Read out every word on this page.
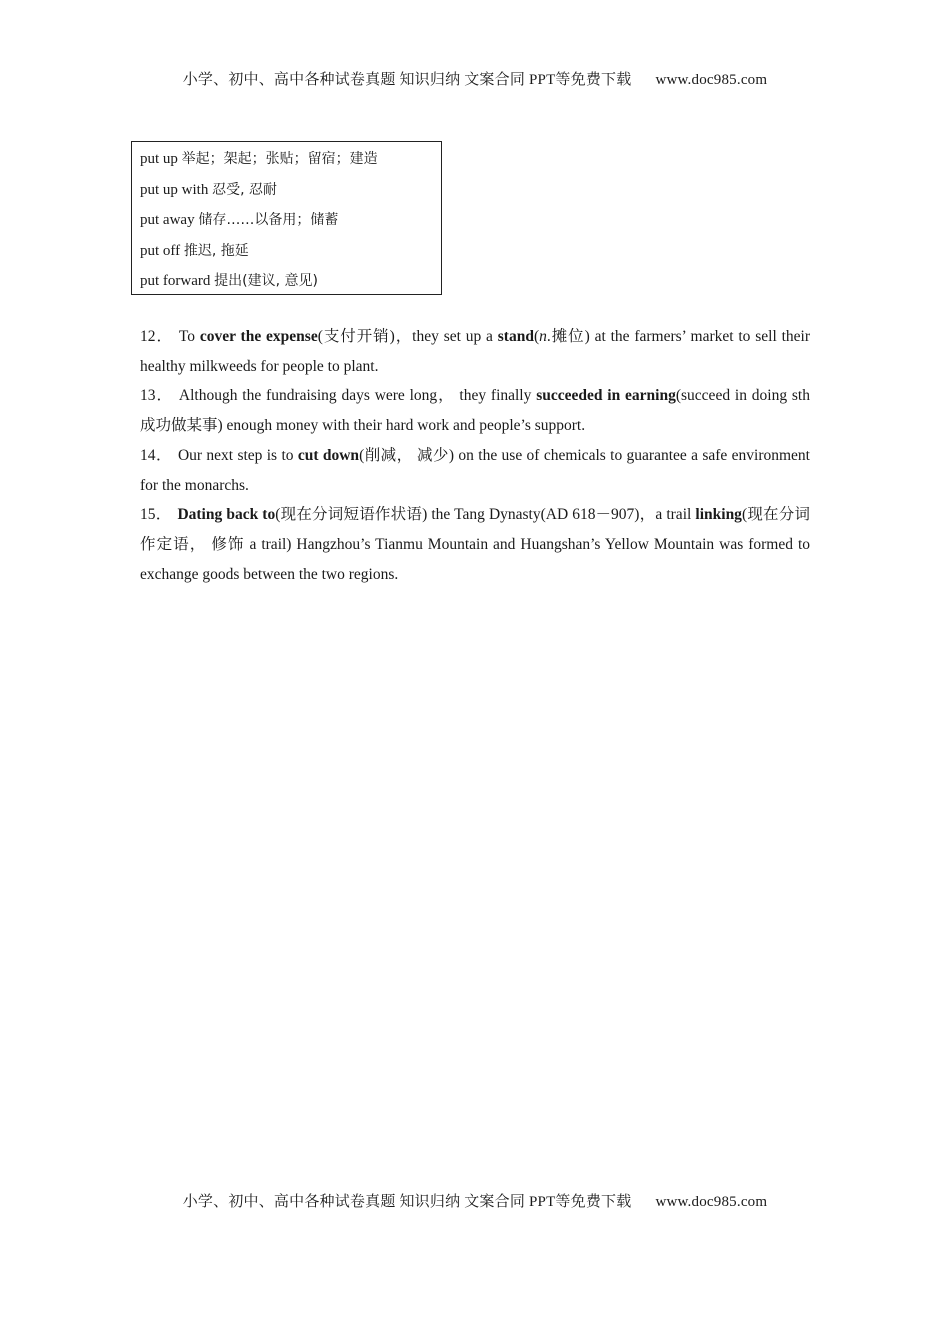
小学、初中、高中各种试卷真题 知识归纳 文案合同 PPT等免费下载 www.doc985.com
put up 举起；架起；张贴；留宿；建造
put up with 忍受, 忍耐
put away 储存……以备用；储蓄
put off 推迟, 拖延
put forward 提出(建议, 意见)

12． To cover the expense(支付开销)，they set up a stand(n.摊位) at the farmers’ market to sell their healthy milkweeds for people to plant.

13． Although the fundraising days were long， they finally succeeded in earning(succeed in doing sth 成功做某事) enough money with their hard work and people’s support.

14． Our next step is to cut down(削减， 减少) on the use of chemicals to guarantee a safe environment for the monarchs.

15． Dating back to(现在分词短语作状语) the Tang Dynasty(AD 618－907)，a trail linking(现在分词作定语， 修饰 a trail) Hangzhou’s Tianmu Mountain and Huangshan’s Yellow Mountain was formed to exchange goods between the two regions.

小学、初中、高中各种试卷真题 知识归纳 文案合同 PPT等免费下载 www.doc985.com
